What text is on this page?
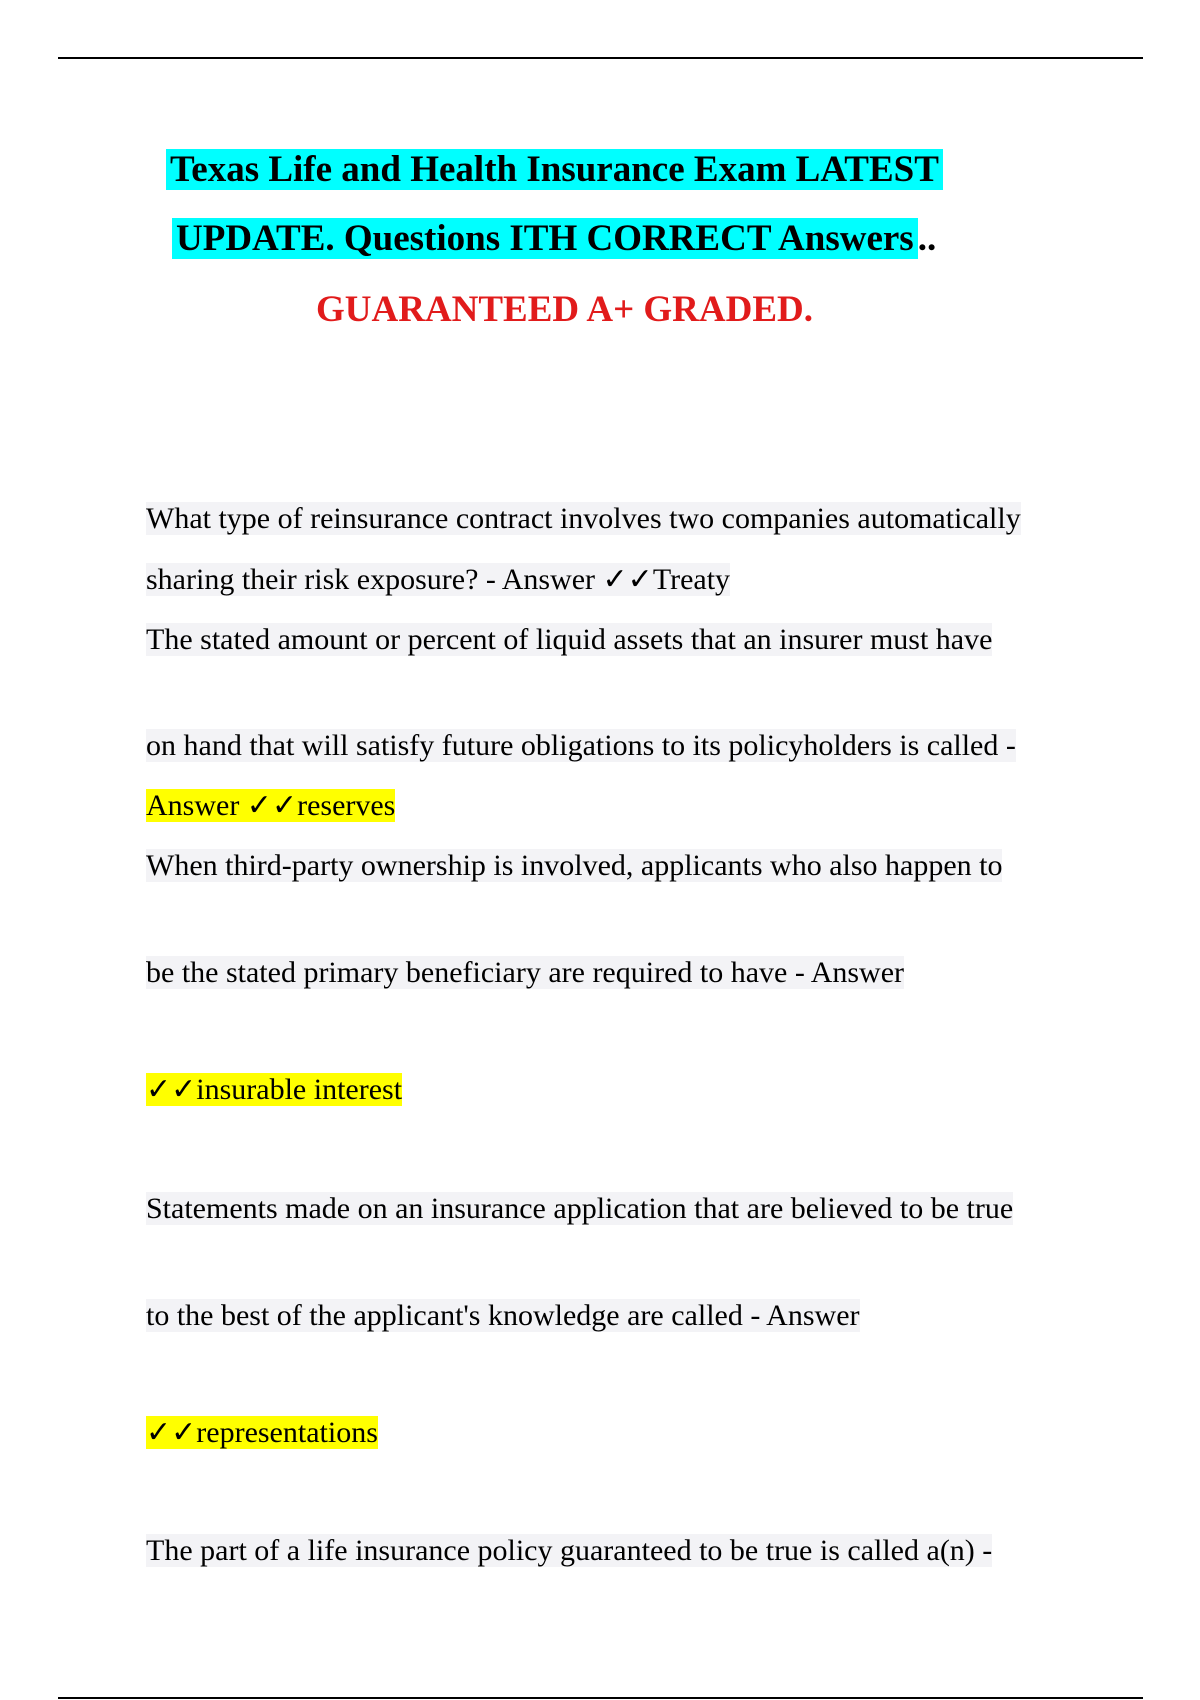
Texas Life and Health Insurance Exam LATEST
UPDATE. Questions ITH CORRECT Answers ..
GUARANTEED A+ GRADED.
What type of reinsurance contract involves two companies automatically
sharing their risk exposure? - Answer ✓✓Treaty
The stated amount or percent of liquid assets that an insurer must have
on hand that will satisfy future obligations to its policyholders is called -
Answer ✓✓reserves
When third-party ownership is involved, applicants who also happen to
be the stated primary beneficiary are required to have - Answer
✓✓insurable interest
Statements made on an insurance application that are believed to be true
to the best of the applicant's knowledge are called - Answer
✓✓representations
The part of a life insurance policy guaranteed to be true is called a(n) -
